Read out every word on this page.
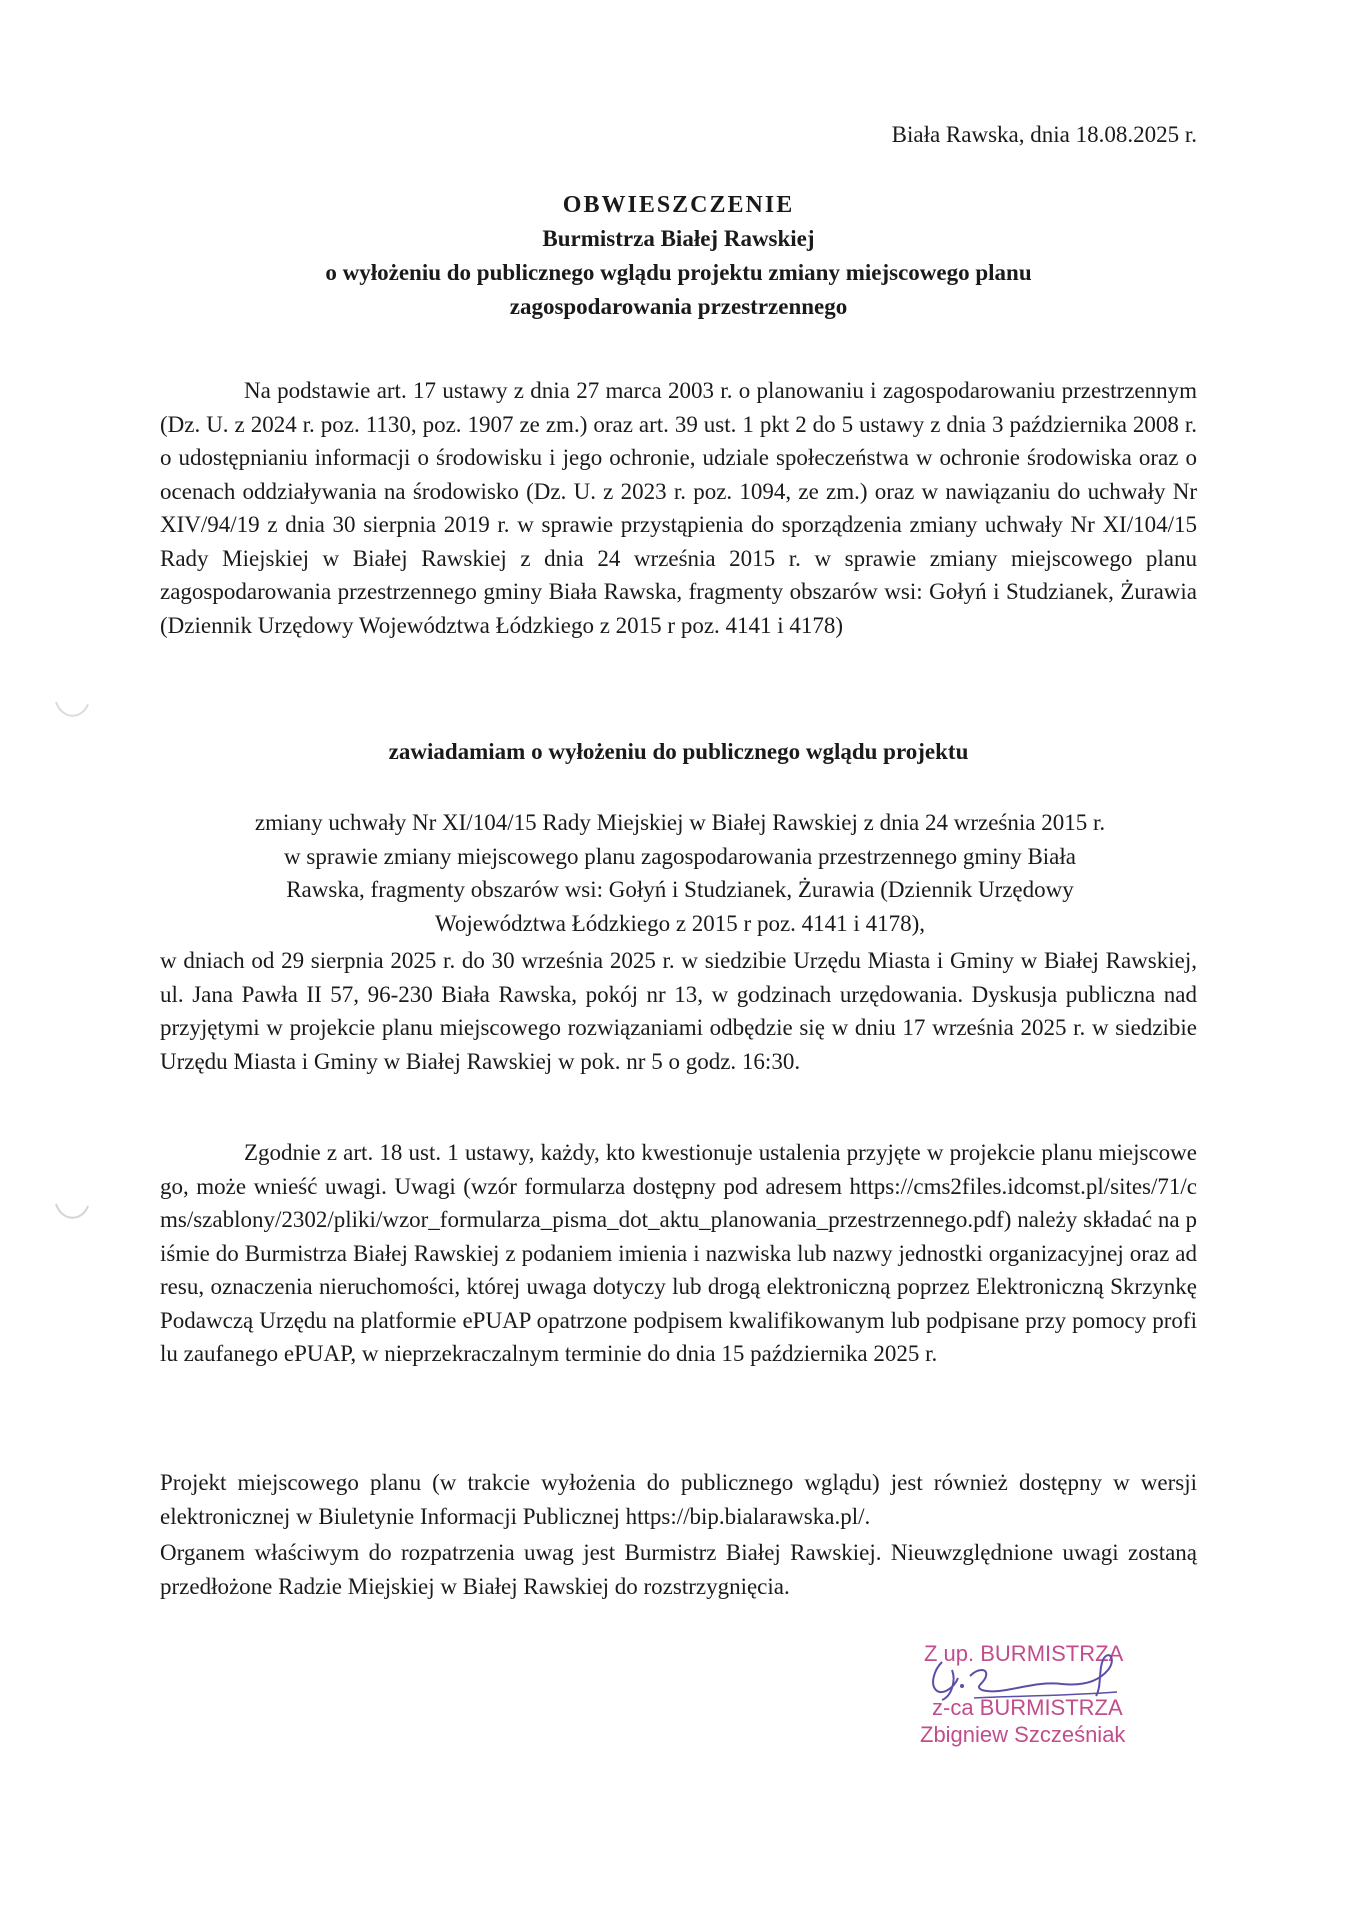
Biała Rawska, dnia 18.08.2025 r.
OBWIESZCZENIE
Burmistrza Białej Rawskiej
o wyłożeniu do publicznego wglądu projektu zmiany miejscowego planu
zagospodarowania przestrzennego

Na podstawie art. 17 ustawy z dnia 27 marca 2003 r. o planowaniu i zagospodarowaniu przestrzennym (Dz. U. z 2024 r. poz. 1130, poz. 1907 ze zm.) oraz art. 39 ust. 1 pkt 2 do 5 ustawy z dnia 3 października 2008 r. o udostępnianiu informacji o środowisku i jego ochronie, udziale społeczeństwa w ochronie środowiska oraz o ocenach oddziaływania na środowisko (Dz. U. z 2023 r. poz. 1094, ze zm.) oraz w nawiązaniu do uchwały Nr XIV/94/19 z dnia 30 sierpnia 2019 r. w sprawie przystąpienia do sporządzenia zmiany uchwały Nr XI/104/15 Rady Miejskiej w Białej Rawskiej z dnia 24 września 2015 r. w sprawie zmiany miejscowego planu zagospodarowania przestrzennego gminy Biała Rawska, fragmenty obszarów wsi: Gołyń i Studzianek, Żurawia (Dziennik Urzędowy Województwa Łódzkiego z 2015 r poz. 4141 i 4178)

zawiadamiam o wyłożeniu do publicznego wglądu projektu
zmiany uchwały Nr XI/104/15 Rady Miejskiej w Białej Rawskiej z dnia 24 września 2015 r.
w sprawie zmiany miejscowego planu zagospodarowania przestrzennego gminy Biała
Rawska, fragmenty obszarów wsi: Gołyń i Studzianek, Żurawia (Dziennik Urzędowy
Województwa Łódzkiego z 2015 r poz. 4141 i 4178),

w dniach od 29 sierpnia 2025 r. do 30 września 2025 r. w siedzibie Urzędu Miasta i Gminy w Białej Rawskiej, ul. Jana Pawła II 57, 96-230 Biała Rawska, pokój nr 13, w godzinach urzędowania. Dyskusja publiczna nad przyjętymi w projekcie planu miejscowego rozwiązaniami odbędzie się w dniu 17 września 2025 r. w siedzibie Urzędu Miasta i Gminy w Białej Rawskiej w pok. nr 5 o godz. 16:30.

Zgodnie z art. 18 ust. 1 ustawy, każdy, kto kwestionuje ustalenia przyjęte w projekcie planu miejscowego, może wnieść uwagi. Uwagi (wzór formularza dostępny pod adresem https://cms2files.idcomst.pl/sites/71/cms/szablony/2302/pliki/wzor_formularza_pisma_dot_aktu_planowania_przestrzennego.pdf) należy składać na piśmie do Burmistrza Białej Rawskiej z podaniem imienia i nazwiska lub nazwy jednostki organizacyjnej oraz adresu, oznaczenia nieruchomości, której uwaga dotyczy lub drogą elektroniczną poprzez Elektroniczną Skrzynkę Podawczą Urzędu na platformie ePUAP opatrzone podpisem kwalifikowanym lub podpisane przy pomocy profilu zaufanego ePUAP, w nieprzekraczalnym terminie do dnia 15 października 2025 r.

Projekt miejscowego planu (w trakcie wyłożenia do publicznego wglądu) jest również dostępny w wersji elektronicznej w Biuletynie Informacji Publicznej https://bip.bialarawska.pl/.

Organem właściwym do rozpatrzenia uwag jest Burmistrz Białej Rawskiej. Nieuwzględnione uwagi zostaną przedłożone Radzie Miejskiej w Białej Rawskiej do rozstrzygnięcia.

Z up. BURMISTRZA
z-ca BURMISTRZA
Zbigniew Szcześniak
